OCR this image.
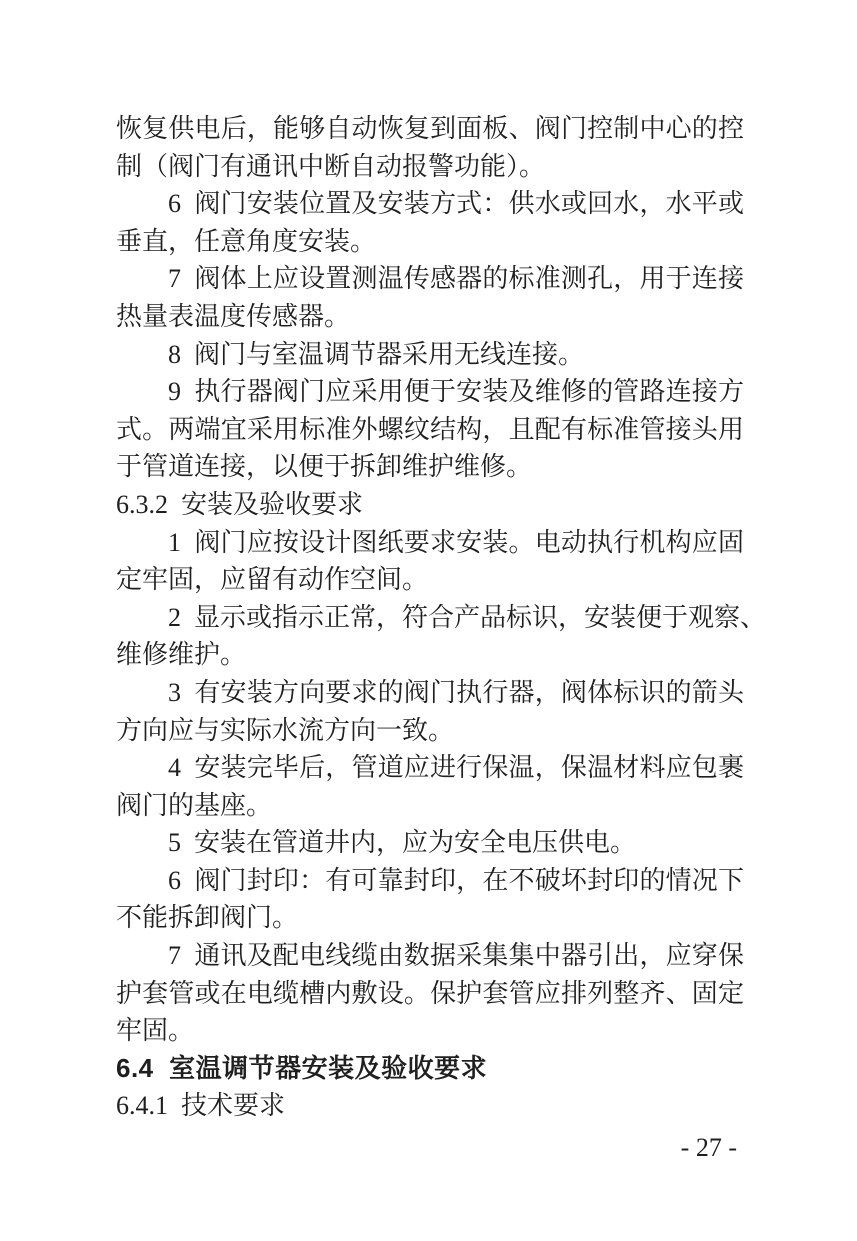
恢复供电后，能够自动恢复到面板、阀门控制中心的控
制（阀门有通讯中断自动报警功能）。
6  阀门安装位置及安装方式：供水或回水，水平或
垂直，任意角度安装。
7  阀体上应设置测温传感器的标准测孔，用于连接
热量表温度传感器。
8  阀门与室温调节器采用无线连接。
9  执行器阀门应采用便于安装及维修的管路连接方
式。两端宜采用标准外螺纹结构，且配有标准管接头用
于管道连接，以便于拆卸维护维修。
6.3.2  安装及验收要求
1  阀门应按设计图纸要求安装。电动执行机构应固
定牢固，应留有动作空间。
2  显示或指示正常，符合产品标识，安装便于观察、
维修维护。
3  有安装方向要求的阀门执行器，阀体标识的箭头
方向应与实际水流方向一致。
4  安装完毕后，管道应进行保温，保温材料应包裹
阀门的基座。
5  安装在管道井内，应为安全电压供电。
6  阀门封印：有可靠封印，在不破坏封印的情况下
不能拆卸阀门。
7  通讯及配电线缆由数据采集集中器引出，应穿保
护套管或在电缆槽内敷设。保护套管应排列整齐、固定
牢固。
6.4  室温调节器安装及验收要求
6.4.1  技术要求
- 27 -
